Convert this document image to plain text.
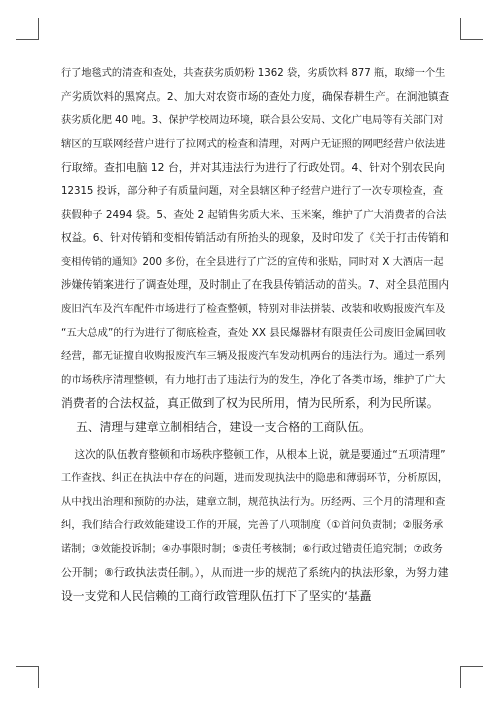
行了地毯式的清查和查处，共查获劣质奶粉 1362 袋，劣质饮料 877 瓶，取缔一个生
产劣质饮料的黑窝点。2、加大对农资市场的查处力度，确保春耕生产。在涧池镇查
获劣质化肥 40 吨。3、保护学校周边环境，联合县公安局、文化广电局等有关部门对
辖区的互联网经营户进行了拉网式的检查和清理，对两户无证照的网吧经营户依法进
行取缔。查扣电脑 12 台，并对其违法行为进行了行政处罚。4、针对个别农民向
12315 投诉，部分种子有质量问题，对全县辖区种子经营户进行了一次专项检查，查
获假种子 2494 袋。5、查处 2 起销售劣质大米、玉米案，维护了广大消费者的合法
权益。6、针对传销和变相传销活动有所抬头的现象，及时印发了《关于打击传销和
变相传销的通知》200 多份，在全县进行了广泛的宣传和张贴，同时对 X 大酒店一起
涉嫌传销案进行了调查处理，及时制止了在我县传销活动的苗头。7、对全县范围内
废旧汽车及汽车配件市场进行了检查整顿，特别对非法拼装、改装和收购报废汽车及
“五大总成”的行为进行了彻底检查，查处 XX 县民爆器材有限责任公司废旧金属回收
经营，都无证擅自收购报废汽车三辆及报废汽车发动机两台的违法行为。通过一系列
的市场秩序清理整顿，有力地打击了违法行为的发生，净化了各类市场，维护了广大
消费者的合法权益，真正做到了权为民所用，情为民所系，利为民所谋。
五、清理与建章立制相结合，建设一支合格的工商队伍。
这次的队伍教育整顿和市场秩序整顿工作，从根本上说，就是要通过“五项清理”
工作查找、纠正在执法中存在的问题，进而发现执法中的隐患和薄弱环节，分析原因，
从中找出治理和预防的办法，建章立制，规范执法行为。历经两、三个月的清理和查
纠，我们结合行政效能建设工作的开展，完善了八项制度（①首问负责制；②服务承
诺制；③效能投诉制；④办事限时制；⑤责任考核制；⑥行政过错责任追究制；⑦政务
公开制；⑧行政执法责任制。），从而进一步的规范了系统内的执法形象，为努力建
设一支党和人民信赖的工商行政管理队伍打下了坚实的‘基矗
